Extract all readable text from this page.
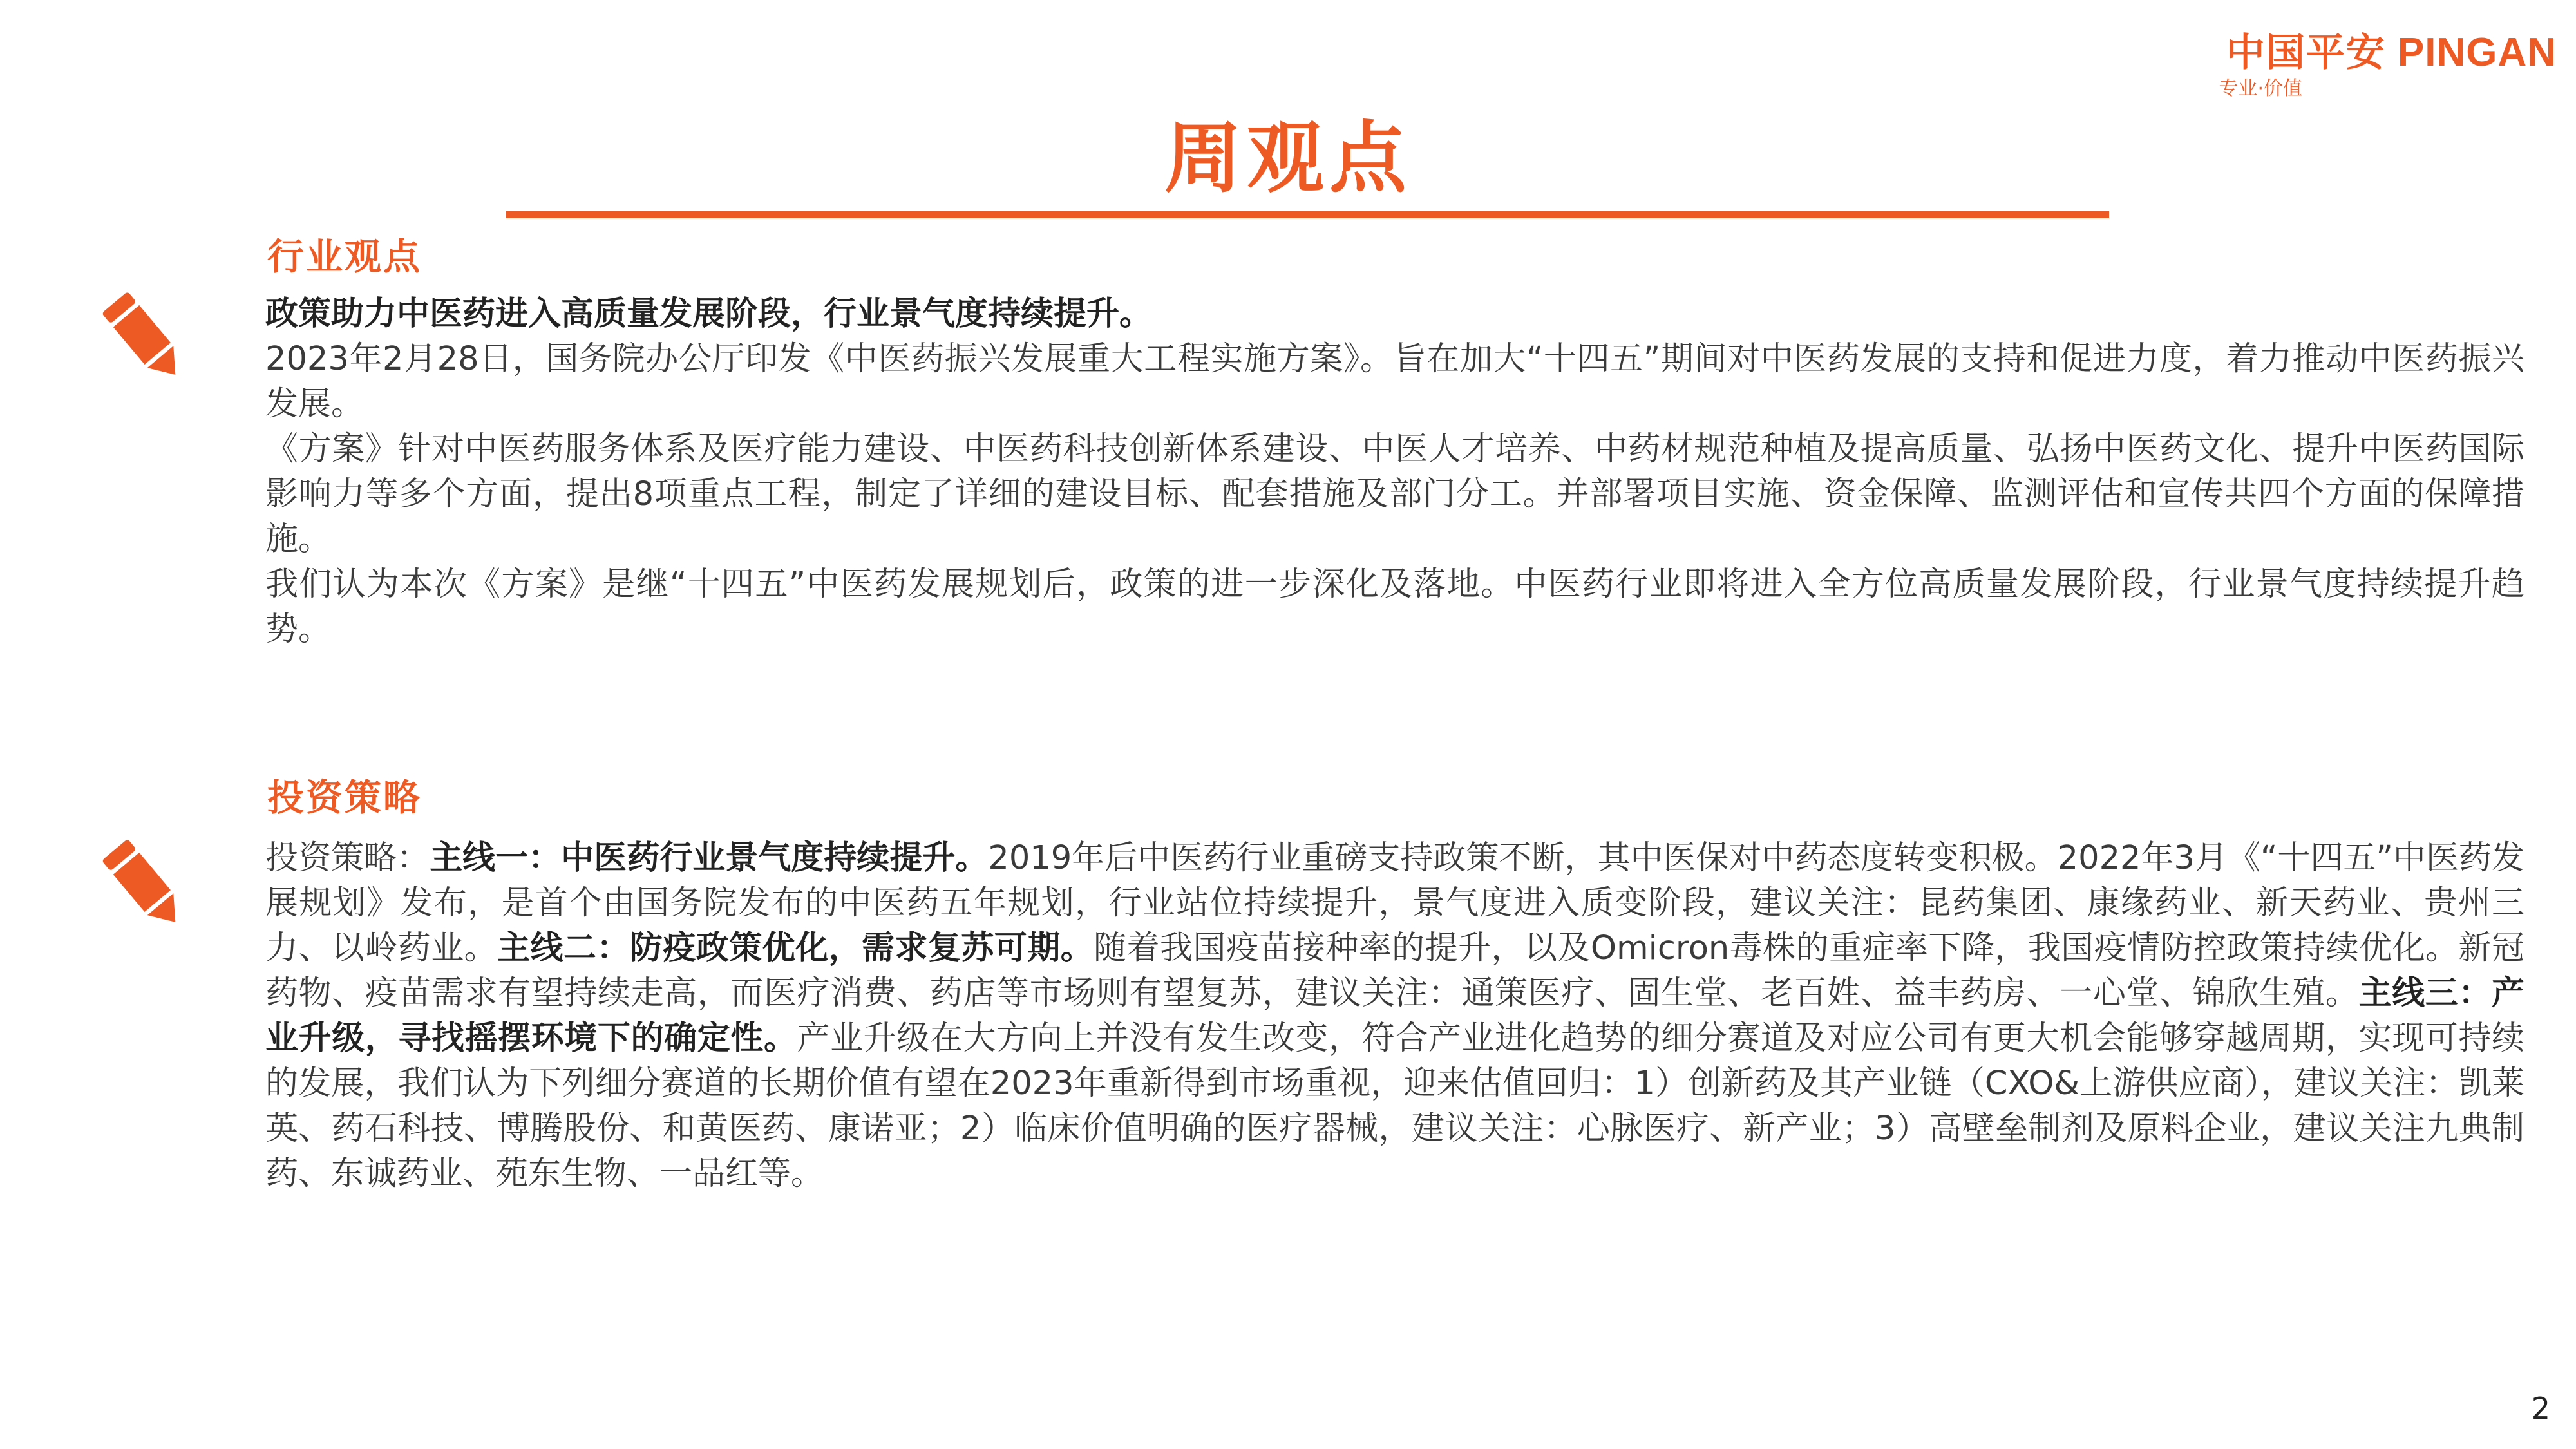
中国平安 PINGAN
专业·价值
周观点
行业观点

政策助力中医药进入高质量发展阶段，行业景气度持续提升。

2023年2月28日，国务院办公厅印发《中医药振兴发展重大工程实施方案》。旨在加大“十四五”期间对中医药发展的支持和促进力度，着力推动中医药振兴发展。

《方案》针对中医药服务体系及医疗能力建设、中医药科技创新体系建设、中医人才培养、中药材规范种植及提高质量、弘扬中医药文化、提升中医药国际影响力等多个方面，提出8项重点工程，制定了详细的建设目标、配套措施及部门分工。并部署项目实施、资金保障、监测评估和宣传共四个方面的保障措施。

我们认为本次《方案》是继“十四五”中医药发展规划后，政策的进一步深化及落地。中医药行业即将进入全方位高质量发展阶段，行业景气度持续提升趋势。

投资策略

投资策略：主线一：中医药行业景气度持续提升。2019年后中医药行业重磅支持政策不断，其中医保对中药态度转变积极。2022年3月《“十四五”中医药发展规划》发布，是首个由国务院发布的中医药五年规划，行业站位持续提升，景气度进入质变阶段，建议关注：昆药集团、康缘药业、新天药业、贵州三力、以岭药业。主线二：防疫政策优化，需求复苏可期。随着我国疫苗接种率的提升，以及Omicron毒株的重症率下降，我国疫情防控政策持续优化。新冠药物、疫苗需求有望持续走高，而医疗消费、药店等市场则有望复苏，建议关注：通策医疗、固生堂、老百姓、益丰药房、一心堂、锦欣生殖。主线三：产业升级，寻找摇摆环境下的确定性。产业升级在大方向上并没有发生改变，符合产业进化趋势的细分赛道及对应公司有更大机会能够穿越周期，实现可持续的发展，我们认为下列细分赛道的长期价值有望在2023年重新得到市场重视，迎来估值回归：1）创新药及其产业链（CXO&上游供应商），建议关注：凯莱英、药石科技、博腾股份、和黄医药、康诺亚；2）临床价值明确的医疗器械，建议关注：心脉医疗、新产业；3）高壁垒制剂及原料企业，建议关注九典制药、东诚药业、苑东生物、一品红等。

2
